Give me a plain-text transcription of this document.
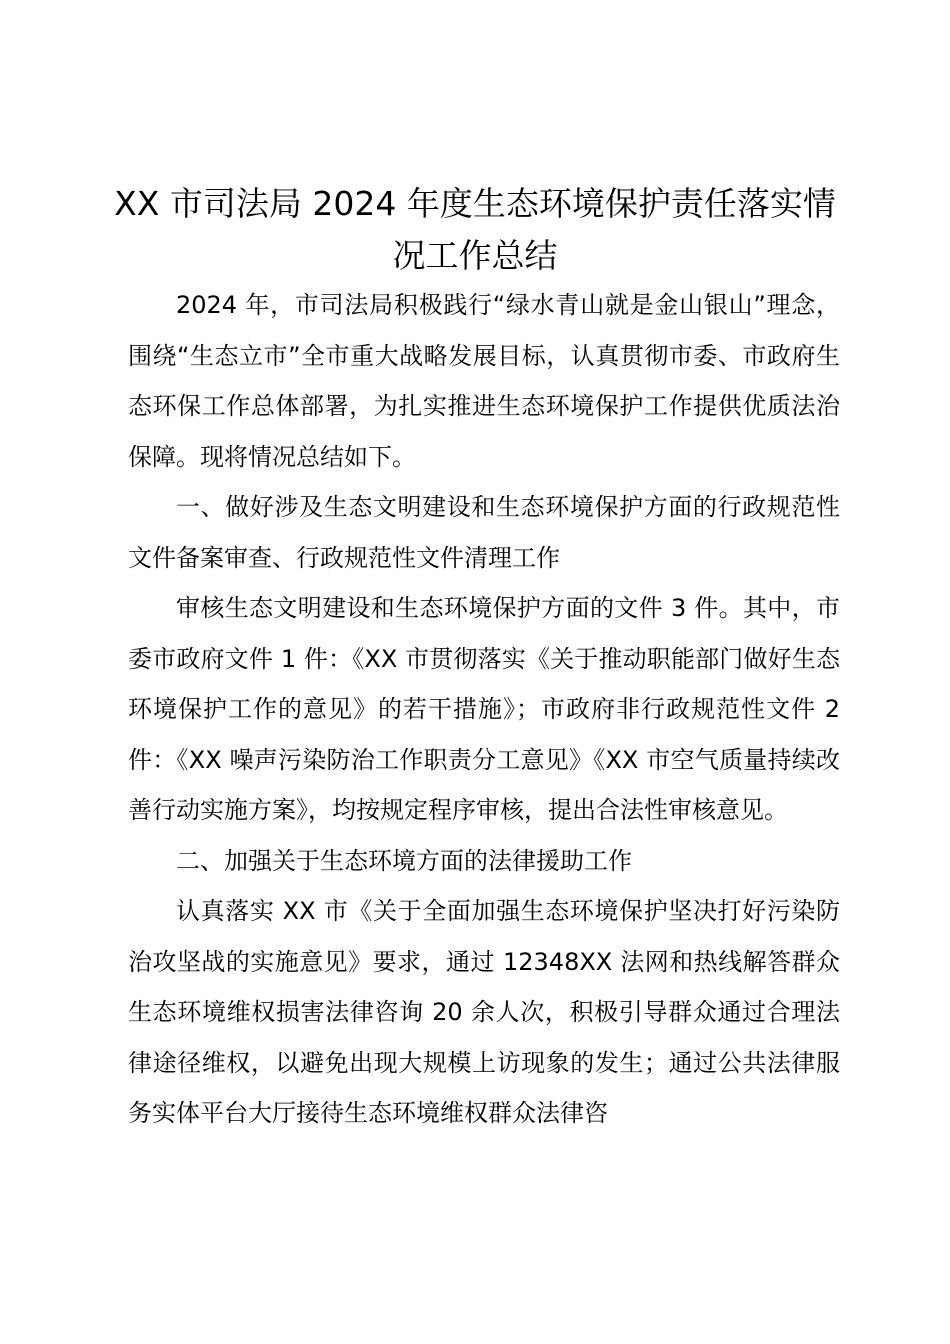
XX 市司法局 2024 年度生态环境保护责任落实情况工作总结

2024 年，市司法局积极践行“绿水青山就是金山银山”理念，围绕“生态立市”全市重大战略发展目标，认真贯彻市委、市政府生态环保工作总体部署，为扎实推进生态环境保护工作提供优质法治保障。现将情况总结如下。

一、做好涉及生态文明建设和生态环境保护方面的行政规范性文件备案审查、行政规范性文件清理工作

审核生态文明建设和生态环境保护方面的文件 3 件。其中，市委市政府文件 1 件：《XX 市贯彻落实《关于推动职能部门做好生态环境保护工作的意见》的若干措施》；市政府非行政规范性文件 2 件：《XX 噪声污染防治工作职责分工意见》《XX 市空气质量持续改善行动实施方案》，均按规定程序审核，提出合法性审核意见。

二、加强关于生态环境方面的法律援助工作

认真落实 XX 市《关于全面加强生态环境保护坚决打好污染防治攻坚战的实施意见》要求，通过 12348XX 法网和热线解答群众生态环境维权损害法律咨询 20 余人次，积极引导群众通过合理法律途径维权，以避免出现大规模上访现象的发生；通过公共法律服务实体平台大厅接待生态环境维权群众法律咨
